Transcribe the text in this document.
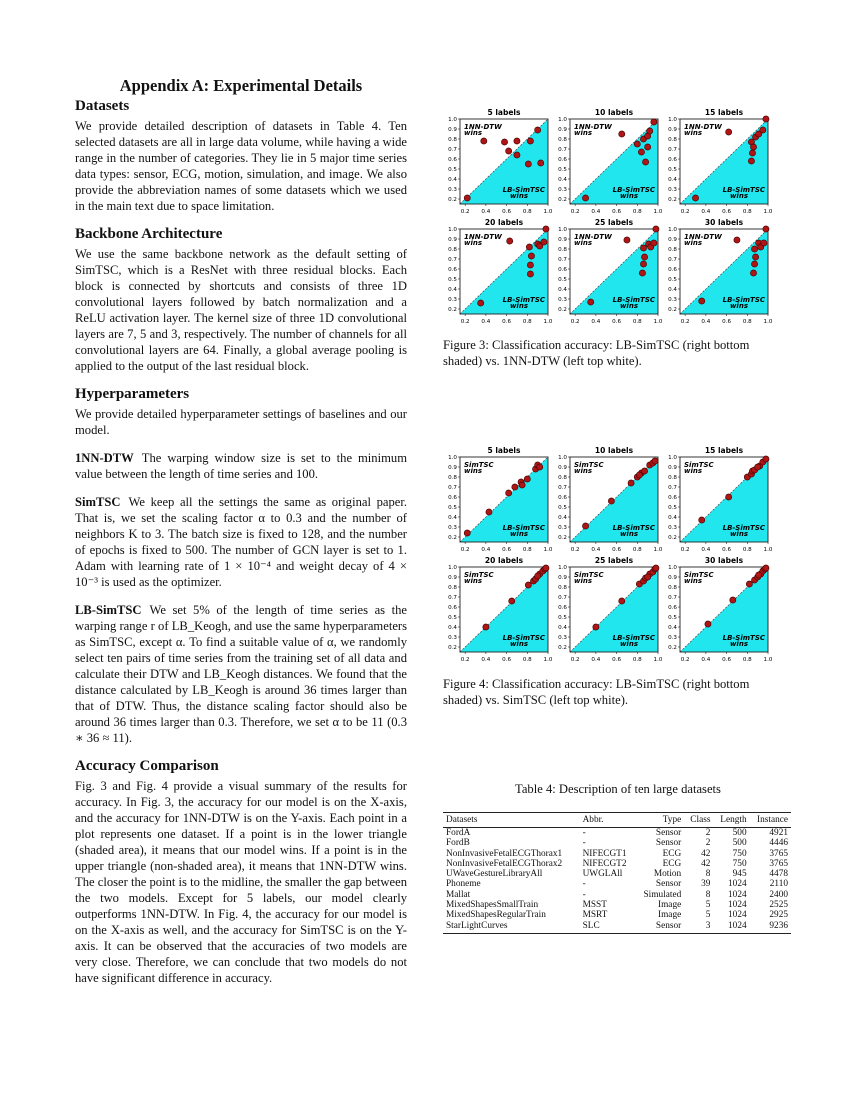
Appendix A: Experimental Details
Datasets

We provide detailed description of datasets in Table 4. Ten selected datasets are all in large data volume, while having a wide range in the number of categories. They lie in 5 major time series data types: sensor, ECG, motion, simulation, and image. We also provide the abbreviation names of some datasets which we used in the main text due to space limitation.

Backbone Architecture

We use the same backbone network as the default setting of SimTSC, which is a ResNet with three residual blocks. Each block is connected by shortcuts and consists of three 1D convolutional layers followed by batch normalization and a ReLU activation layer. The kernel size of three 1D convolutional layers are 7, 5 and 3, respectively. The number of channels for all convolutional layers are 64. Finally, a global average pooling is applied to the output of the last residual block.

Hyperparameters

We provide detailed hyperparameter settings of baselines and our model.

1NN-DTW The warping window size is set to the minimum value between the length of time series and 100.

SimTSC We keep all the settings the same as original paper. That is, we set the scaling factor α to 0.3 and the number of neighbors K to 3. The batch size is fixed to 128, and the number of epochs is fixed to 500. The number of GCN layer is set to 1. Adam with learning rate of 1 × 10⁻⁴ and weight decay of 4 × 10⁻³ is used as the optimizer.

LB-SimTSC We set 5% of the length of time series as the warping range r of LB_Keogh, and use the same hyperparameters as SimTSC, except α. To find a suitable value of α, we randomly select ten pairs of time series from the training set of all data and calculate their DTW and LB_Keogh distances. We found that the distance calculated by LB_Keogh is around 36 times larger than that of DTW. Thus, the distance scaling factor should also be around 36 times larger than 0.3. Therefore, we set α to be 11 (0.3 ∗ 36 ≈ 11).

Accuracy Comparison

Fig. 3 and Fig. 4 provide a visual summary of the results for accuracy. In Fig. 3, the accuracy for our model is on the X-axis, and the accuracy for 1NN-DTW is on the Y-axis. Each point in a plot represents one dataset. If a point is in the lower triangle (shaded area), it means that our model wins. If a point is in the upper triangle (non-shaded area), it means that 1NN-DTW wins. The closer the point is to the midline, the smaller the gap between the two models. Except for 5 labels, our model clearly outperforms 1NN-DTW. In Fig. 4, the accuracy for our model is on the X-axis as well, and the accuracy for SimTSC is on the Y-axis. It can be observed that the accuracies of two models are very close. Therefore, we can conclude that two models do not have significant difference in accuracy.

5 labels
0.2 0.4 0.6 0.8 1.0
0.2
0.3
0.4
0.5
0.6
0.7
0.8
0.9
1.0
1NN-DTW
wins
LB-SimTSC
wins
10 labels
0.2 0.4 0.6 0.8 1.0
0.2
0.3
0.4
0.5
0.6
0.7
0.8
0.9
1.0
1NN-DTW
wins
LB-SimTSC
wins
15 labels
0.2 0.4 0.6 0.8 1.0
0.2
0.3
0.4
0.5
0.6
0.7
0.8
0.9
1.0
1NN-DTW
wins
LB-SimTSC
wins
20 labels
0.2 0.4 0.6 0.8 1.0
0.2
0.3
0.4
0.5
0.6
0.7
0.8
0.9
1.0
1NN-DTW
wins
LB-SimTSC
wins
25 labels
0.2 0.4 0.6 0.8 1.0
0.2
0.3
0.4
0.5
0.6
0.7
0.8
0.9
1.0
1NN-DTW
wins
LB-SimTSC
wins
30 labels
0.2 0.4 0.6 0.8 1.0
0.2
0.3
0.4
0.5
0.6
0.7
0.8
0.9
1.0
1NN-DTW
wins
LB-SimTSC
wins
Figure 3: Classification accuracy: LB-SimTSC (right bottom shaded) vs. 1NN-DTW (left top white).
5 labels
0.2 0.4 0.6 0.8 1.0
0.2
0.3
0.4
0.5
0.6
0.7
0.8
0.9
1.0
SimTSC
wins
LB-SimTSC
wins
10 labels
0.2 0.4 0.6 0.8 1.0
0.2
0.3
0.4
0.5
0.6
0.7
0.8
0.9
1.0
SimTSC
wins
LB-SimTSC
wins
15 labels
0.2 0.4 0.6 0.8 1.0
0.2
0.3
0.4
0.5
0.6
0.7
0.8
0.9
1.0
SimTSC
wins
LB-SimTSC
wins
20 labels
0.2 0.4 0.6 0.8 1.0
0.2
0.3
0.4
0.5
0.6
0.7
0.8
0.9
1.0
SimTSC
wins
LB-SimTSC
wins
25 labels
0.2 0.4 0.6 0.8 1.0
0.2
0.3
0.4
0.5
0.6
0.7
0.8
0.9
1.0
SimTSC
wins
LB-SimTSC
wins
30 labels
0.2 0.4 0.6 0.8 1.0
0.2
0.3
0.4
0.5
0.6
0.7
0.8
0.9
1.0
SimTSC
wins
LB-SimTSC
wins
Figure 4: Classification accuracy: LB-SimTSC (right bottom shaded) vs. SimTSC (left top white).
Table 4: Description of ten large datasets
Datasets	Abbr.	Type	Class	Length	Instance
FordA	-	Sensor	2	500	4921
FordB	-	Sensor	2	500	4446
NonInvasiveFetalECGThorax1	NIFECGT1	ECG	42	750	3765
NonInvasiveFetalECGThorax2	NIFECGT2	ECG	42	750	3765
UWaveGestureLibraryAll	UWGLAll	Motion	8	945	4478
Phoneme	-	Sensor	39	1024	2110
Mallat	-	Simulated	8	1024	2400
MixedShapesSmallTrain	MSST	Image	5	1024	2525
MixedShapesRegularTrain	MSRT	Image	5	1024	2925
StarLightCurves	SLC	Sensor	3	1024	9236
